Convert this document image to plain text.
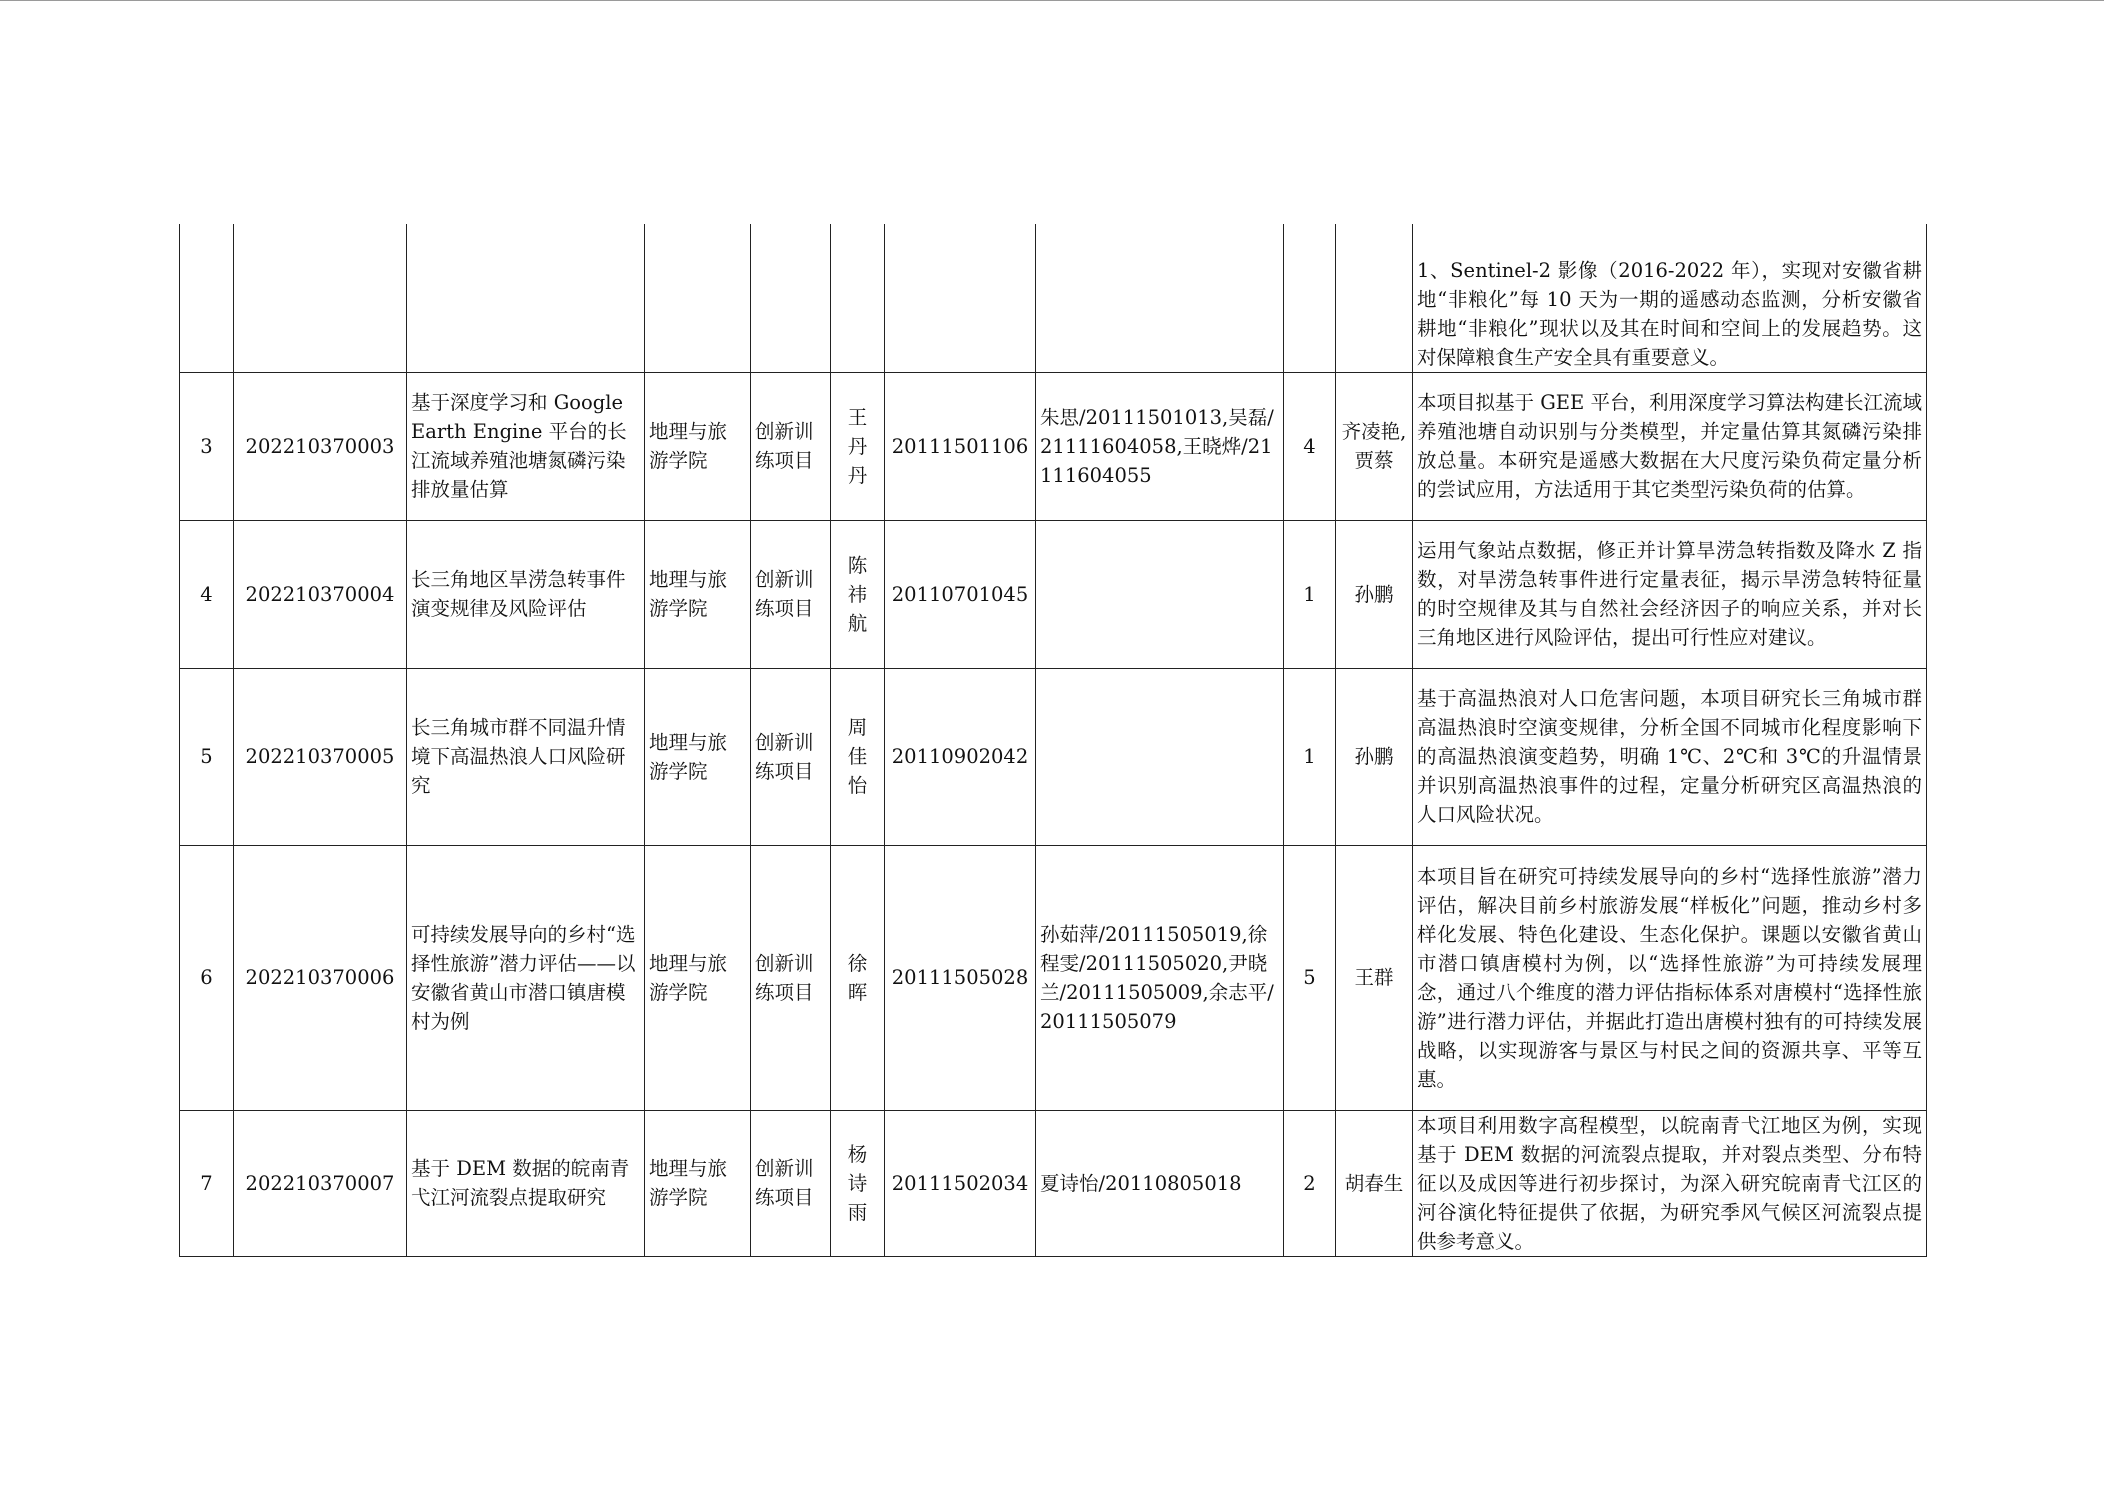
										1、Sentinel-2 影像（2016-2022 年），实现对安徽省耕地“非粮化”每 10 天为一期的遥感动态监测，分析安徽省耕地“非粮化”现状以及其在时间和空间上的发展趋势。这对保障粮食生产安全具有重要意义。
3	202210370003	基于深度学习和 Google Earth Engine 平台的长江流域养殖池塘氮磷污染排放量估算	地理与旅游学院	创新训练项目	王丹丹	20111501106	朱思/20111501013,吴磊/21111604058,王晓烨/21111604055	4	齐凌艳,贾蔡	本项目拟基于 GEE 平台，利用深度学习算法构建长江流域养殖池塘自动识别与分类模型，并定量估算其氮磷污染排放总量。本研究是遥感大数据在大尺度污染负荷定量分析的尝试应用，方法适用于其它类型污染负荷的估算。
4	202210370004	长三角地区旱涝急转事件演变规律及风险评估	地理与旅游学院	创新训练项目	陈祎航	20110701045		1	孙鹏	运用气象站点数据，修正并计算旱涝急转指数及降水 Z 指数，对旱涝急转事件进行定量表征，揭示旱涝急转特征量的时空规律及其与自然社会经济因子的响应关系，并对长三角地区进行风险评估，提出可行性应对建议。
5	202210370005	长三角城市群不同温升情境下高温热浪人口风险研究	地理与旅游学院	创新训练项目	周佳怡	20110902042		1	孙鹏	基于高温热浪对人口危害问题，本项目研究长三角城市群高温热浪时空演变规律，分析全国不同城市化程度影响下的高温热浪演变趋势，明确 1℃、2℃和 3℃的升温情景并识别高温热浪事件的过程，定量分析研究区高温热浪的人口风险状况。
6	202210370006	可持续发展导向的乡村“选择性旅游”潜力评估——以安徽省黄山市潜口镇唐模村为例	地理与旅游学院	创新训练项目	徐晖	20111505028	孙茹萍/20111505019,徐程雯/20111505020,尹晓兰/20111505009,余志平/20111505079	5	王群	本项目旨在研究可持续发展导向的乡村“选择性旅游”潜力评估，解决目前乡村旅游发展“样板化”问题，推动乡村多样化发展、特色化建设、生态化保护。课题以安徽省黄山市潜口镇唐模村为例，以“选择性旅游”为可持续发展理念，通过八个维度的潜力评估指标体系对唐模村“选择性旅游”进行潜力评估，并据此打造出唐模村独有的可持续发展战略，以实现游客与景区与村民之间的资源共享、平等互惠。
7	202210370007	基于 DEM 数据的皖南青弋江河流裂点提取研究	地理与旅游学院	创新训练项目	杨诗雨	20111502034	夏诗怡/20110805018	2	胡春生	本项目利用数字高程模型，以皖南青弋江地区为例，实现基于 DEM 数据的河流裂点提取，并对裂点类型、分布特征以及成因等进行初步探讨，为深入研究皖南青弋江区的河谷演化特征提供了依据，为研究季风气候区河流裂点提供参考意义。
